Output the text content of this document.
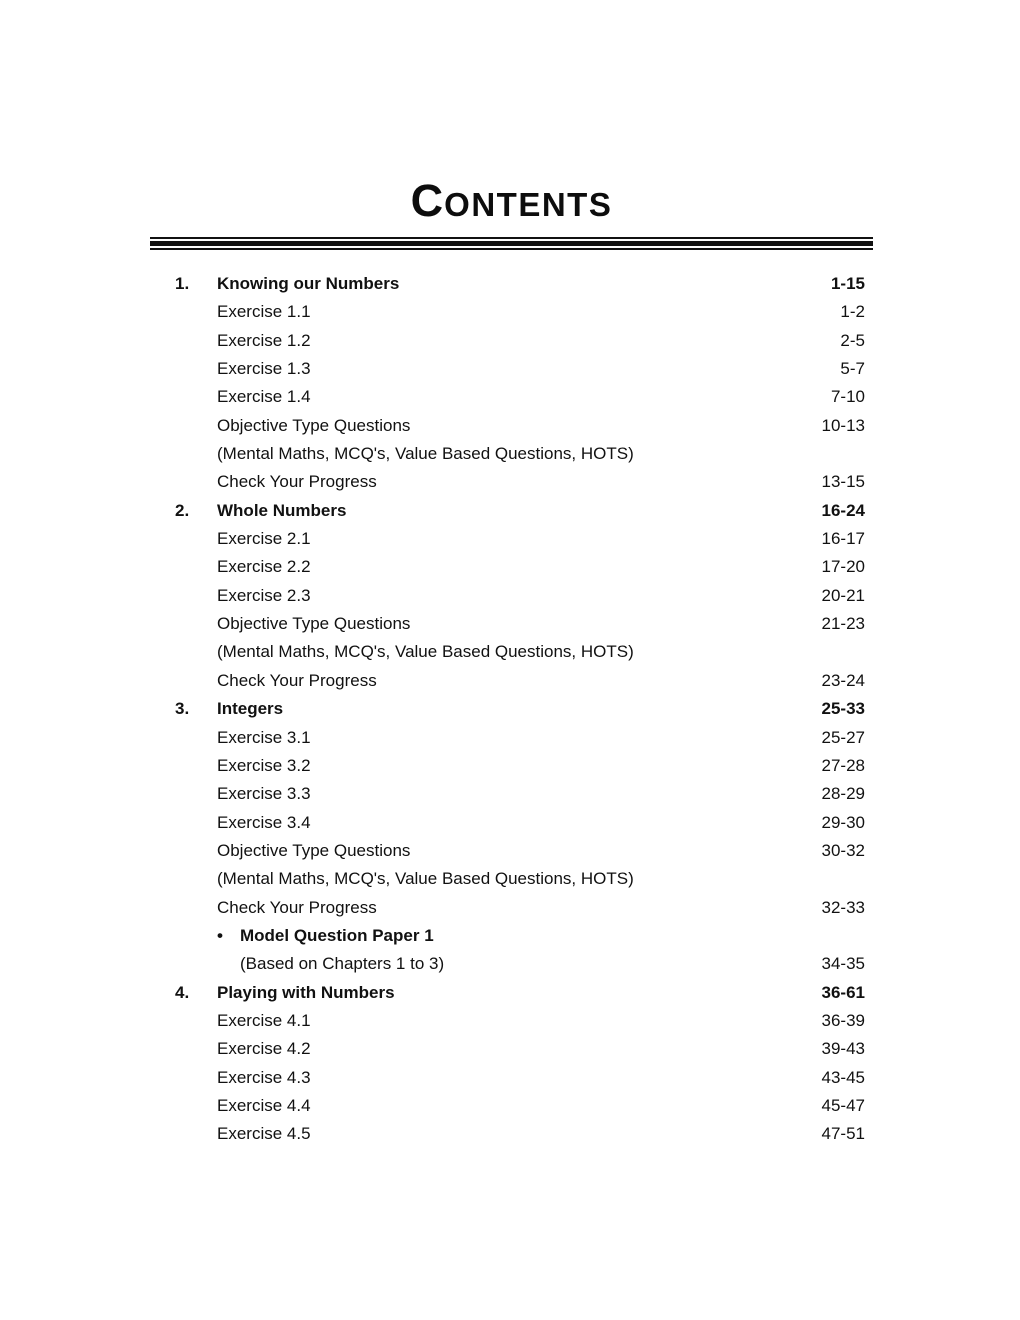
CONTENTS
1.	Knowing our Numbers	1-15
Exercise 1.1	1-2
Exercise 1.2	2-5
Exercise 1.3	5-7
Exercise 1.4	7-10
Objective Type Questions	10-13
(Mental Maths, MCQ's, Value Based Questions, HOTS)
Check Your Progress	13-15
2.	Whole Numbers	16-24
Exercise 2.1	16-17
Exercise 2.2	17-20
Exercise 2.3	20-21
Objective Type Questions	21-23
(Mental Maths, MCQ's, Value Based Questions, HOTS)
Check Your Progress	23-24
3.	Integers	25-33
Exercise 3.1	25-27
Exercise 3.2	27-28
Exercise 3.3	28-29
Exercise 3.4	29-30
Objective Type Questions	30-32
(Mental Maths, MCQ's, Value Based Questions, HOTS)
Check Your Progress	32-33
• Model Question Paper 1
(Based on Chapters 1 to 3)	34-35
4.	Playing with Numbers	36-61
Exercise 4.1	36-39
Exercise 4.2	39-43
Exercise 4.3	43-45
Exercise 4.4	45-47
Exercise 4.5	47-51
